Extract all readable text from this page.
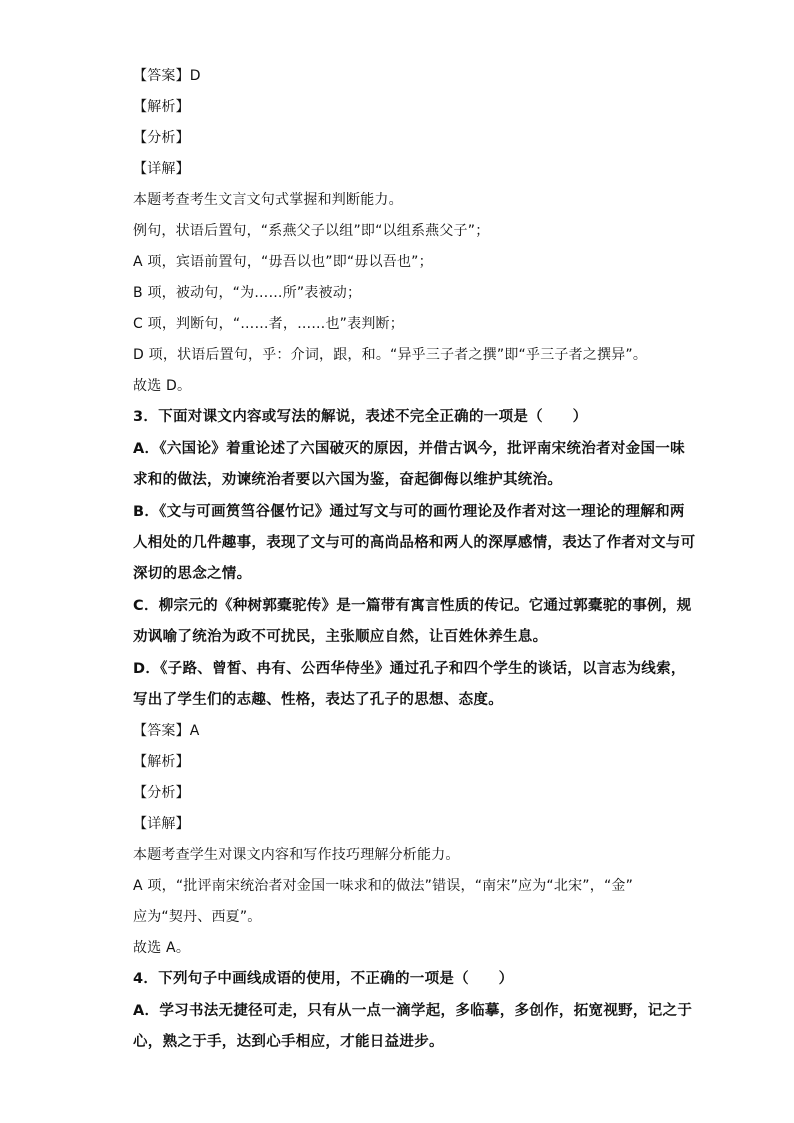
【答案】D
【解析】
【分析】
【详解】
本题考查考生文言文句式掌握和判断能力。
例句，状语后置句，“系燕父子以组”即“以组系燕父子”；
A 项，宾语前置句，“毋吾以也”即“毋以吾也”；
B 项，被动句，“为……所”表被动；
C 项，判断句，“……者，……也”表判断；
D 项，状语后置句，乎：介词，跟，和。“异乎三子者之撰”即“乎三子者之撰异”。
故选 D。
3．下面对课文内容或写法的解说，表述不完全正确的一项是（　　）
A．《六国论》着重论述了六国破灭的原因，并借古讽今，批评南宋统治者对金国一味
求和的做法，劝谏统治者要以六国为鉴，奋起御侮以维护其统治。
B．《文与可画筼筜谷偃竹记》通过写文与可的画竹理论及作者对这一理论的理解和两
人相处的几件趣事，表现了文与可的高尚品格和两人的深厚感情，表达了作者对文与可
深切的思念之情。
C．柳宗元的《种树郭橐驼传》是一篇带有寓言性质的传记。它通过郭橐驼的事例，规
劝讽喻了统治为政不可扰民，主张顺应自然，让百姓休养生息。
D．《子路、曾皙、冉有、公西华侍坐》通过孔子和四个学生的谈话，以言志为线索，
写出了学生们的志趣、性格，表达了孔子的思想、态度。
【答案】A
【解析】
【分析】
【详解】
本题考查学生对课文内容和写作技巧理解分析能力。
A 项，“批评南宋统治者对金国一味求和的做法”错误，“南宋”应为“北宋”，“金”
应为“契丹、西夏”。
故选 A。
4．下列句子中画线成语的使用，不正确的一项是（　　）
A．学习书法无捷径可走，只有从一点一滴学起，多临摹，多创作，拓宽视野，记之于
心，熟之于手，达到心手相应，才能日益进步。
